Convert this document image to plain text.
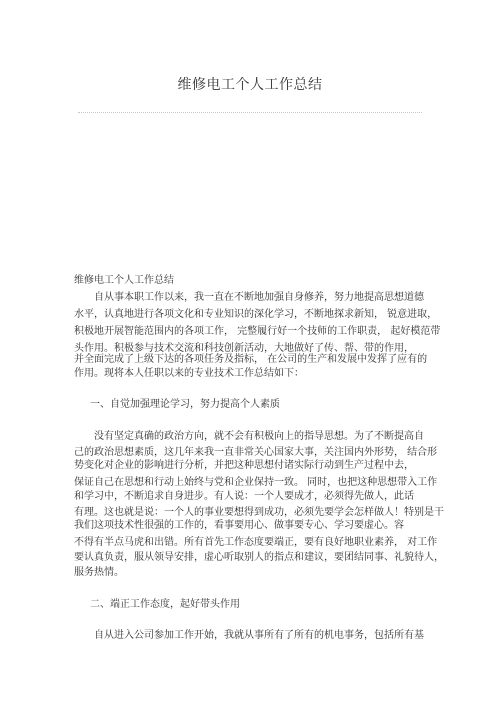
维修电工个人工作总结
维修电工个人工作总结
自从事本职工作以来，我一直在不断地加强自身修养，努力地提高思想道德
水平，认真地进行各项文化和专业知识的深化学习，不断地探求新知， 锐意进取，
积极地开展智能范围内的各项工作， 完整履行好一个技师的工作职责， 起好模范带
头作用。积极参与技术交流和科技创新活动，大地做好了传、帮、带的作用，
并全面完成了上级下达的各项任务及指标， 在公司的生产和发展中发挥了应有的
作用。现将本人任职以来的专业技术工作总结如下：
一、自觉加强理论学习，努力提高个人素质
没有坚定真确的政治方向，就不会有积极向上的指导思想。为了不断提高自
己的政治思想素质，这几年来我一直非常关心国家大事，关注国内外形势， 结合形
势变化对企业的影响进行分析，并把这种思想付诸实际行动到生产过程中去，
保证自己在思想和行动上始终与党和企业保持一致。 同时，也把这种思想带入工作
和学习中，不断追求自身进步。有人说：一个人要成才，必须得先做人，此话
有理。这也就是说：一个人的事业要想得到成功，必须先要学会怎样做人！特别是干
我们这项技术性很强的工作的，看事要用心、做事要专心、学习要虚心。容
不得有半点马虎和出错。所有首先工作态度要端正，要有良好地职业素养， 对工作
要认真负责，服从领导安排，虚心听取别人的指点和建议，要团结同事、礼貌待人，
服务热情。
二、端正工作态度，起好带头作用
自从进入公司参加工作开始，我就从事所有了所有的机电事务，包括所有基
